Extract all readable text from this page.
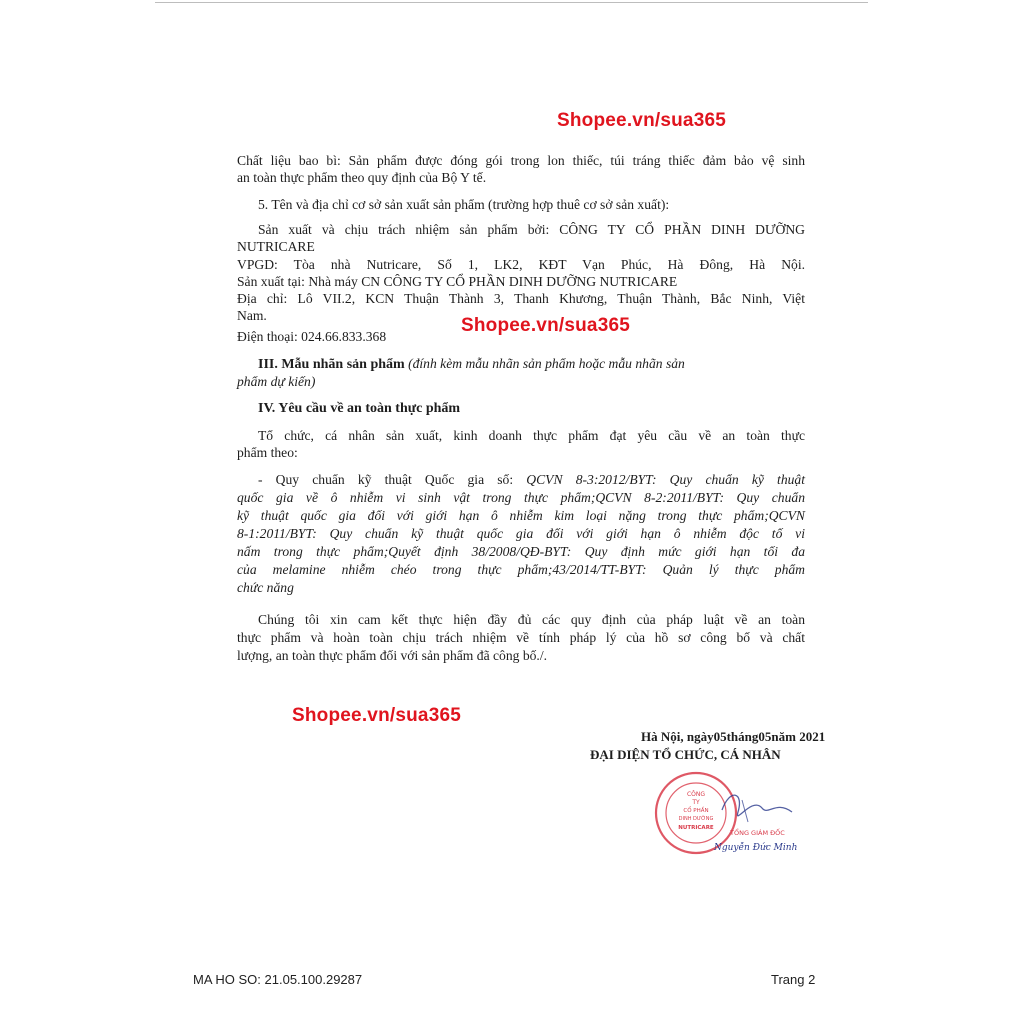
Shopee.vn/sua365
Shopee.vn/sua365
Shopee.vn/sua365
Chất liệu bao bì: Sản phẩm được đóng gói trong lon thiếc, túi tráng thiếc đảm bảo vệ sinh
an toàn thực phẩm theo quy định của Bộ Y tế.
5. Tên và địa chỉ cơ sở sản xuất sản phẩm (trường hợp thuê cơ sở sản xuất):
Sản xuất và chịu trách nhiệm sản phẩm bởi: CÔNG TY CỔ PHẦN DINH DƯỠNG
NUTRICARE
VPGD: Tòa nhà Nutricare, Số 1, LK2, KĐT Vạn Phúc, Hà Đông, Hà Nội.
Sản xuất tại: Nhà máy CN CÔNG TY CỔ PHẦN DINH DƯỠNG NUTRICARE
Địa chỉ: Lô VII.2, KCN Thuận Thành 3, Thanh Khương, Thuận Thành, Bắc Ninh, Việt
Nam.
Điện thoại: 024.66.833.368
III. Mẫu nhãn sản phẩm (đính kèm mẫu nhãn sản phẩm hoặc mẫu nhãn sản
phẩm dự kiến)
IV. Yêu cầu về an toàn thực phẩm
Tổ chức, cá nhân sản xuất, kinh doanh thực phẩm đạt yêu cầu về an toàn thực
phẩm theo:
- Quy chuẩn kỹ thuật Quốc gia số: QCVN 8-3:2012/BYT: Quy chuẩn kỹ thuật
quốc gia về ô nhiễm vi sinh vật trong thực phẩm;QCVN 8-2:2011/BYT: Quy chuẩn
kỹ thuật quốc gia đối với giới hạn ô nhiễm kim loại nặng trong thực phẩm;QCVN
8-1:2011/BYT: Quy chuẩn kỹ thuật quốc gia đối với giới hạn ô nhiễm độc tố vi
nấm trong thực phẩm;Quyết định 38/2008/QĐ-BYT: Quy định mức giới hạn tối đa
của melamine nhiễm chéo trong thực phẩm;43/2014/TT-BYT: Quản lý thực phẩm
chức năng
Chúng tôi xin cam kết thực hiện đầy đủ các quy định của pháp luật về an toàn
thực phẩm và hoàn toàn chịu trách nhiệm về tính pháp lý của hồ sơ công bố và chất
lượng, an toàn thực phẩm đối với sản phẩm đã công bố./.
Hà Nội, ngày05tháng05năm 2021
ĐẠI DIỆN TỔ CHỨC, CÁ NHÂN
CÔNG
TY
CỔ PHẦN
DINH DƯỠNG
NUTRICARE
TỔNG GIÁM ĐỐC
Nguyễn Đức Minh
MA HO SO: 21.05.100.29287	Trang 2
